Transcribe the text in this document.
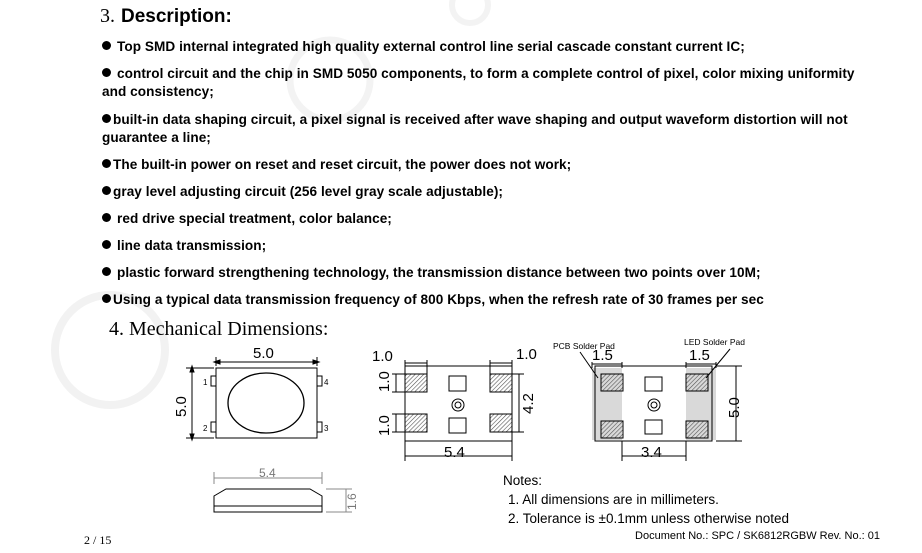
3. Description:

Top SMD internal integrated high quality external control line serial cascade constant current IC;

control circuit and the chip in SMD 5050 components, to form a complete control of pixel, color mixing uniformity and consistency;

built-in data shaping circuit, a pixel signal is received after wave shaping and output waveform distortion will not guarantee a line;

The built-in power on reset and reset circuit, the power does not work;

gray level adjusting circuit (256 level gray scale adjustable);

red drive special treatment, color balance;

line data transmission;

plastic forward strengthening technology, the transmission distance between two points over 10M;

Using a typical data transmission frequency of 800 Kbps, when the refresh rate of 30 frames per sec

4. Mechanical Dimensions:
5.0
5.0
1
2	3
4
5.4
1.6
1.0	1.0
1.0
1.0
4.2
5.4
PCB Solder Pad	LED Solder Pad
1.5	1.5
5.0
3.4
Notes:
1. All dimensions are in millimeters.
2. Tolerance is ±0.1mm unless otherwise noted
2 / 15	Document No.: SPC / SK6812RGBW Rev. No.: 01
